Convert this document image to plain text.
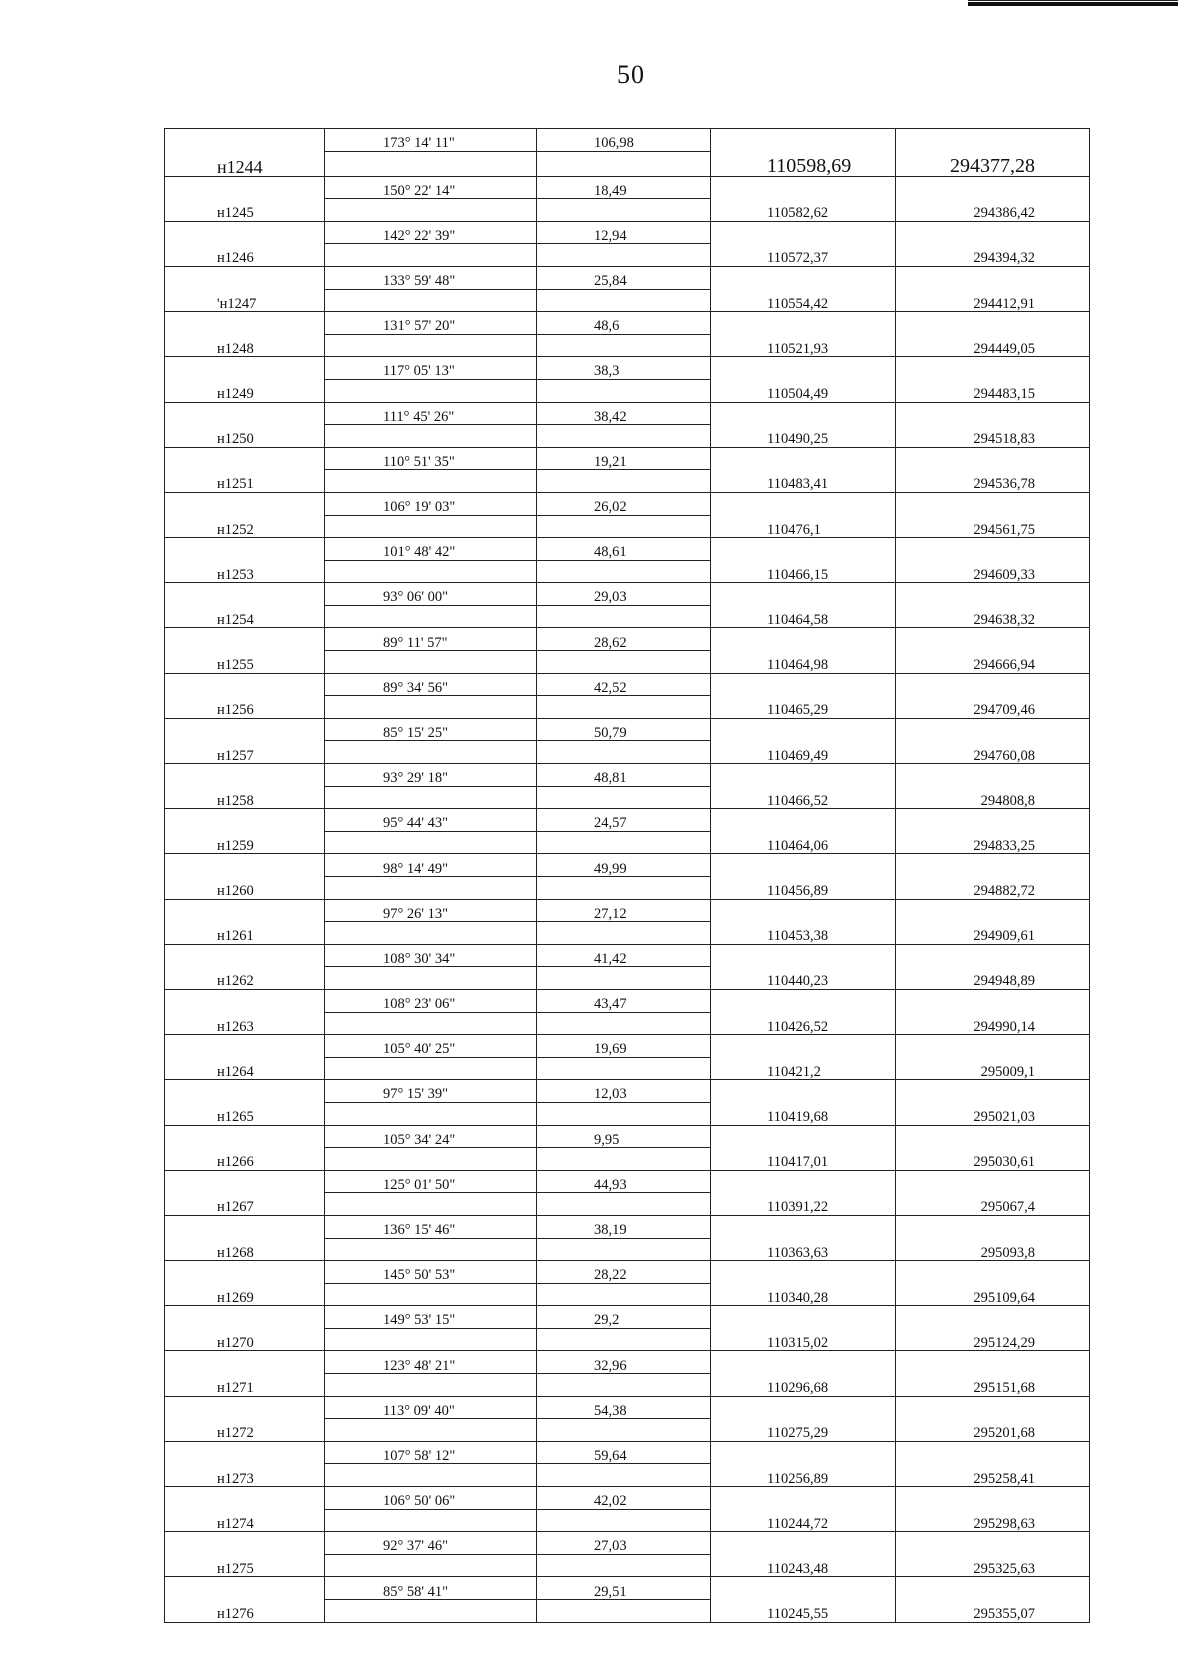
50
	173° 14' 11"	106,98		
н1244			110598,69	294377,28
	150° 22' 14"	18,49		
н1245			110582,62	294386,42
	142° 22' 39"	12,94		
н1246			110572,37	294394,32
	133° 59' 48"	25,84		
'н1247			110554,42	294412,91
	131° 57' 20"	48,6		
н1248			110521,93	294449,05
	117° 05' 13"	38,3		
н1249			110504,49	294483,15
	111° 45' 26"	38,42		
н1250			110490,25	294518,83
	110° 51' 35"	19,21		
н1251			110483,41	294536,78
	106° 19' 03"	26,02		
н1252			110476,1	294561,75
	101° 48' 42"	48,61		
н1253			110466,15	294609,33
	93° 06' 00"	29,03		
н1254			110464,58	294638,32
	89° 11' 57"	28,62		
н1255			110464,98	294666,94
	89° 34' 56"	42,52		
н1256			110465,29	294709,46
	85° 15' 25"	50,79		
н1257			110469,49	294760,08
	93° 29' 18"	48,81		
н1258			110466,52	294808,8
	95° 44' 43"	24,57		
н1259			110464,06	294833,25
	98° 14' 49"	49,99		
н1260			110456,89	294882,72
	97° 26' 13"	27,12		
н1261			110453,38	294909,61
	108° 30' 34"	41,42		
н1262			110440,23	294948,89
	108° 23' 06"	43,47		
н1263			110426,52	294990,14
	105° 40' 25"	19,69		
н1264			110421,2	295009,1
	97° 15' 39"	12,03		
н1265			110419,68	295021,03
	105° 34' 24"	9,95		
н1266			110417,01	295030,61
	125° 01' 50"	44,93		
н1267			110391,22	295067,4
	136° 15' 46"	38,19		
н1268			110363,63	295093,8
	145° 50' 53"	28,22		
н1269			110340,28	295109,64
	149° 53' 15"	29,2		
н1270			110315,02	295124,29
	123° 48' 21"	32,96		
н1271			110296,68	295151,68
	113° 09' 40"	54,38		
н1272			110275,29	295201,68
	107° 58' 12"	59,64		
н1273			110256,89	295258,41
	106° 50' 06"	42,02		
н1274			110244,72	295298,63
	92° 37' 46"	27,03		
н1275			110243,48	295325,63
	85° 58' 41"	29,51		
н1276			110245,55	295355,07
